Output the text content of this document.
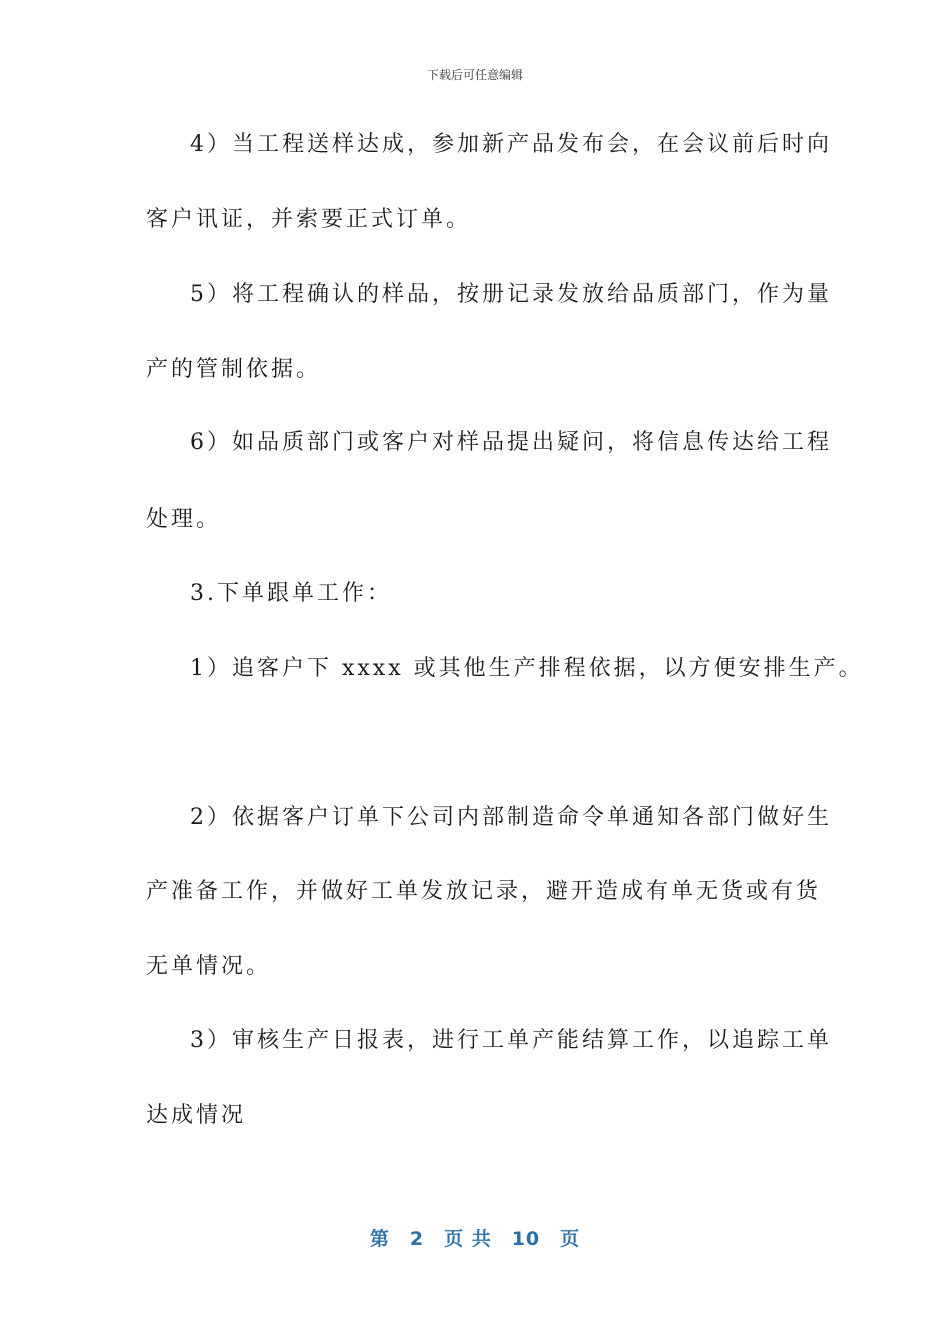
下载后可任意编辑
4）当工程送样达成，参加新产品发布会，在会议前后时向
客户讯证，并索要正式订单。
5）将工程确认的样品，按册记录发放给品质部门，作为量
产的管制依据。
6）如品质部门或客户对样品提出疑问，将信息传达给工程
处理。
3.下单跟单工作：
1）追客户下 xxxx 或其他生产排程依据，以方便安排生产。
2）依据客户订单下公司内部制造命令单通知各部门做好生
产准备工作，并做好工单发放记录，避开造成有单无货或有货
无单情况。
3）审核生产日报表，进行工单产能结算工作，以追踪工单
达成情况
第 2 页 共 10 页
